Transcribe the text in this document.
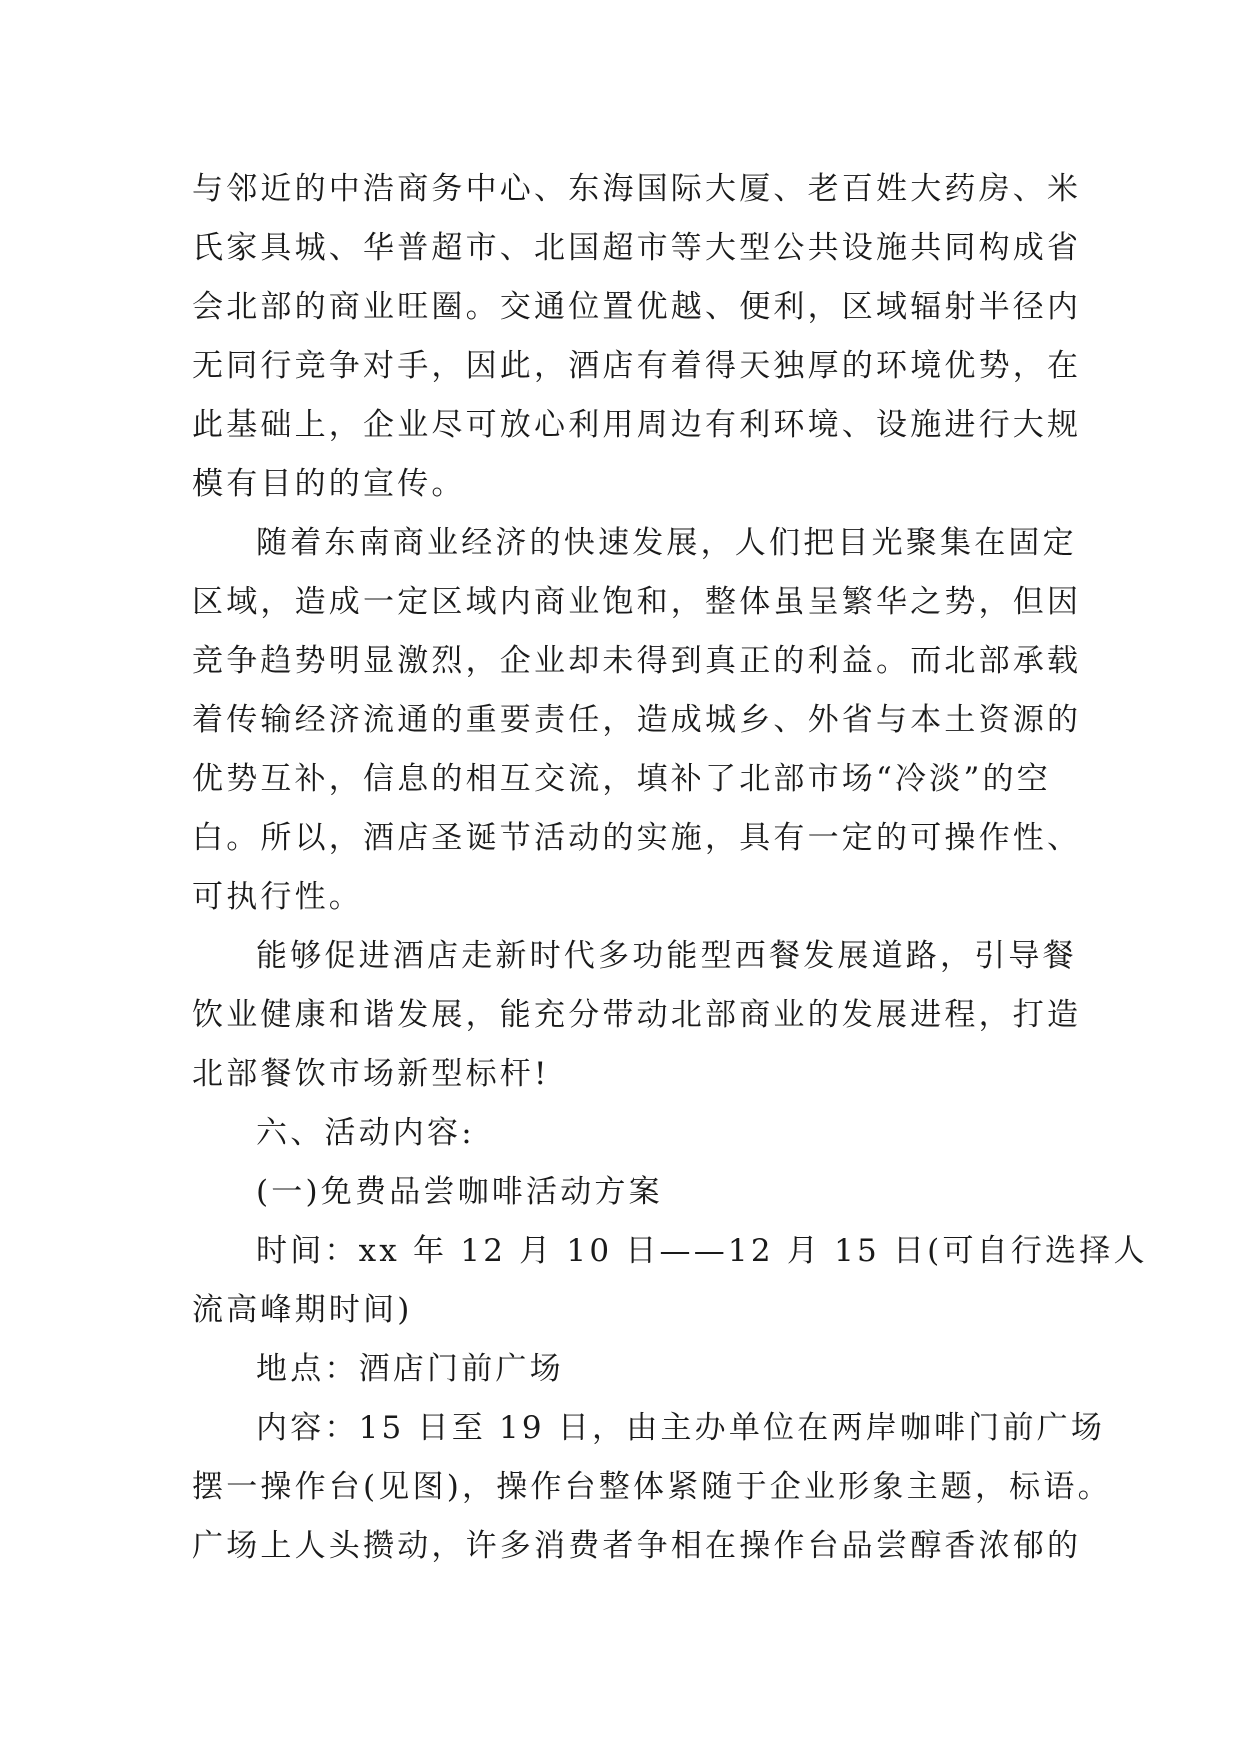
与邻近的中浩商务中心、东海国际大厦、老百姓大药房、米
氏家具城、华普超市、北国超市等大型公共设施共同构成省
会北部的商业旺圈。交通位置优越、便利，区域辐射半径内
无同行竞争对手，因此，酒店有着得天独厚的环境优势，在
此基础上，企业尽可放心利用周边有利环境、设施进行大规
模有目的的宣传。
随着东南商业经济的快速发展，人们把目光聚集在固定
区域，造成一定区域内商业饱和，整体虽呈繁华之势，但因
竞争趋势明显激烈，企业却未得到真正的利益。而北部承载
着传输经济流通的重要责任，造成城乡、外省与本土资源的
优势互补，信息的相互交流，填补了北部市场“冷淡”的空
白。所以，酒店圣诞节活动的实施，具有一定的可操作性、
可执行性。
能够促进酒店走新时代多功能型西餐发展道路，引导餐
饮业健康和谐发展，能充分带动北部商业的发展进程，打造
北部餐饮市场新型标杆!
六、活动内容:
(一)免费品尝咖啡活动方案
时间：xx 年 12 月 10 日——12 月 15 日(可自行选择人
流高峰期时间)
地点：酒店门前广场
内容：15 日至 19 日，由主办单位在两岸咖啡门前广场
摆一操作台(见图)，操作台整体紧随于企业形象主题，标语。
广场上人头攒动，许多消费者争相在操作台品尝醇香浓郁的
